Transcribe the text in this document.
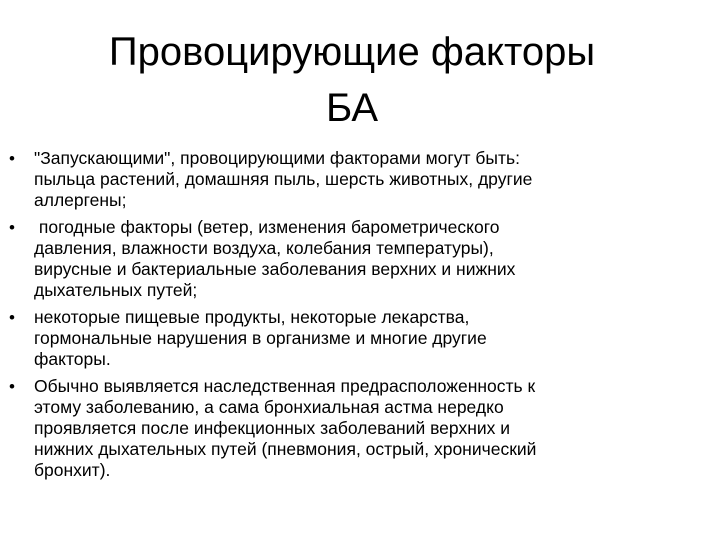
Провоцирующие факторы
БА
• "Запускающими", провоцирующими факторами могут быть:
пыльца растений, домашняя пыль, шерсть животных, другие
аллергены;
• погодные факторы (ветер, изменения барометрического
давления, влажности воздуха, колебания температуры),
вирусные и бактериальные заболевания верхних и нижних
дыхательных путей;
• некоторые пищевые продукты, некоторые лекарства,
гормональные нарушения в организме и многие другие
факторы.
• Обычно выявляется наследственная предрасположенность к
этому заболеванию, а сама бронхиальная астма нередко
проявляется после инфекционных заболеваний верхних и
нижних дыхательных путей (пневмония, острый, хронический
бронхит).
